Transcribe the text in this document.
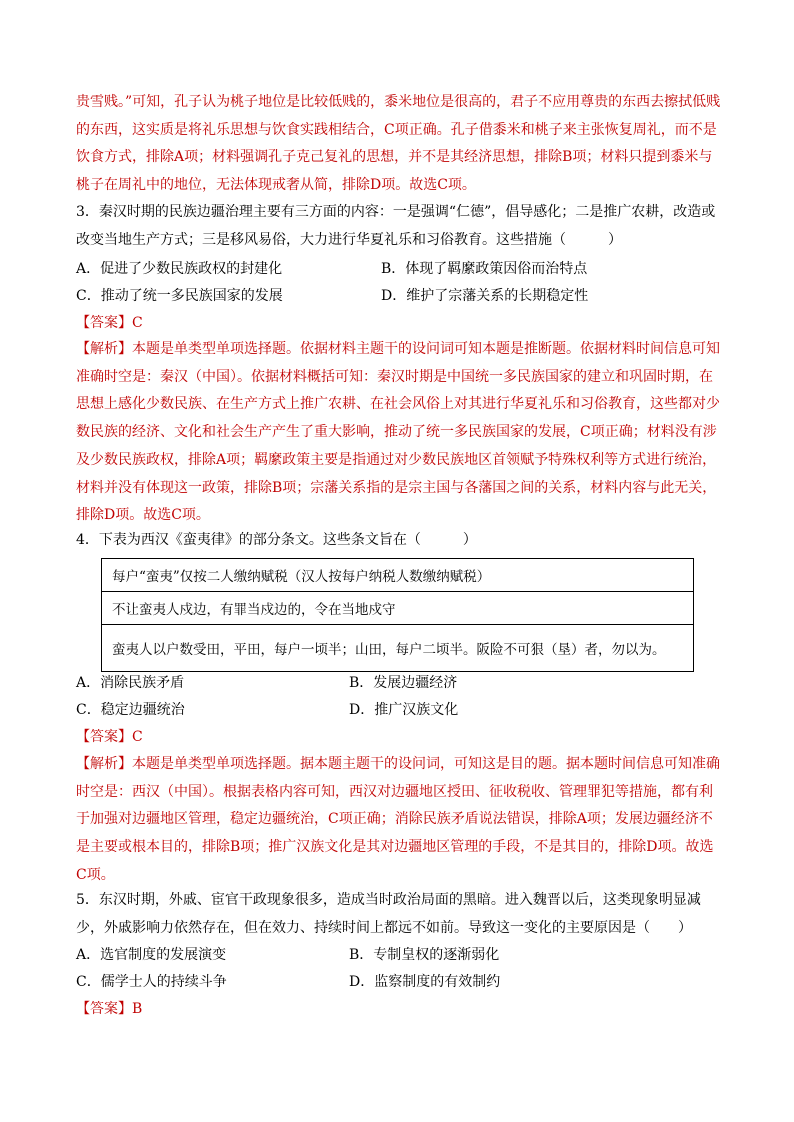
贵雪贱。”可知，孔子认为桃子地位是比较低贱的，黍米地位是很高的，君子不应用尊贵的东西去擦拭低贱的东西，这实质是将礼乐思想与饮食实践相结合，C项正确。孔子借黍米和桃子来主张恢复周礼，而不是饮食方式，排除A项；材料强调孔子克己复礼的思想，并不是其经济思想，排除B项；材料只提到黍米与桃子在周礼中的地位，无法体现戒奢从简，排除D项。故选C项。
3．秦汉时期的民族边疆治理主要有三方面的内容：一是强调“仁德”，倡导感化；二是推广农耕，改造或改变当地生产方式；三是移风易俗，大力进行华夏礼乐和习俗教育。这些措施（　　　）
A．促进了少数民族政权的封建化	B．体现了羁縻政策因俗而治特点
C．推动了统一多民族国家的发展	D．维护了宗藩关系的长期稳定性
【答案】C
【解析】本题是单类型单项选择题。依据材料主题干的设问词可知本题是推断题。依据材料时间信息可知准确时空是：秦汉（中国）。依据材料概括可知：秦汉时期是中国统一多民族国家的建立和巩固时期，在思想上感化少数民族、在生产方式上推广农耕、在社会风俗上对其进行华夏礼乐和习俗教育，这些都对少数民族的经济、文化和社会生产产生了重大影响，推动了统一多民族国家的发展，C项正确；材料没有涉及少数民族政权，排除A项；羁縻政策主要是指通过对少数民族地区首领赋予特殊权利等方式进行统治，材料并没有体现这一政策，排除B项；宗藩关系指的是宗主国与各藩国之间的关系，材料内容与此无关，排除D项。故选C项。
4．下表为西汉《蛮夷律》的部分条文。这些条文旨在（　　　）
每户“蛮夷”仅按二人缴纳赋税（汉人按每户纳税人数缴纳赋税）
不让蛮夷人戍边，有罪当戍边的，令在当地戍守
蛮夷人以户数受田，平田，每户一顷半；山田，每户二顷半。阪险不可狠（垦）者，勿以为。
A．消除民族矛盾	B．发展边疆经济
C．稳定边疆统治	D．推广汉族文化
【答案】C
【解析】本题是单类型单项选择题。据本题主题干的设问词，可知这是目的题。据本题时间信息可知准确时空是：西汉（中国）。根据表格内容可知，西汉对边疆地区授田、征收税收、管理罪犯等措施，都有利于加强对边疆地区管理，稳定边疆统治，C项正确；消除民族矛盾说法错误，排除A项；发展边疆经济不是主要或根本目的，排除B项；推广汉族文化是其对边疆地区管理的手段，不是其目的，排除D项。故选C项。
5．东汉时期，外戚、宦官干政现象很多，造成当时政治局面的黑暗。进入魏晋以后，这类现象明显减少，外戚影响力依然存在，但在效力、持续时间上都远不如前。导致这一变化的主要原因是（　　）
A．选官制度的发展演变	B．专制皇权的逐渐弱化
C．儒学士人的持续斗争	D．监察制度的有效制约
【答案】B
